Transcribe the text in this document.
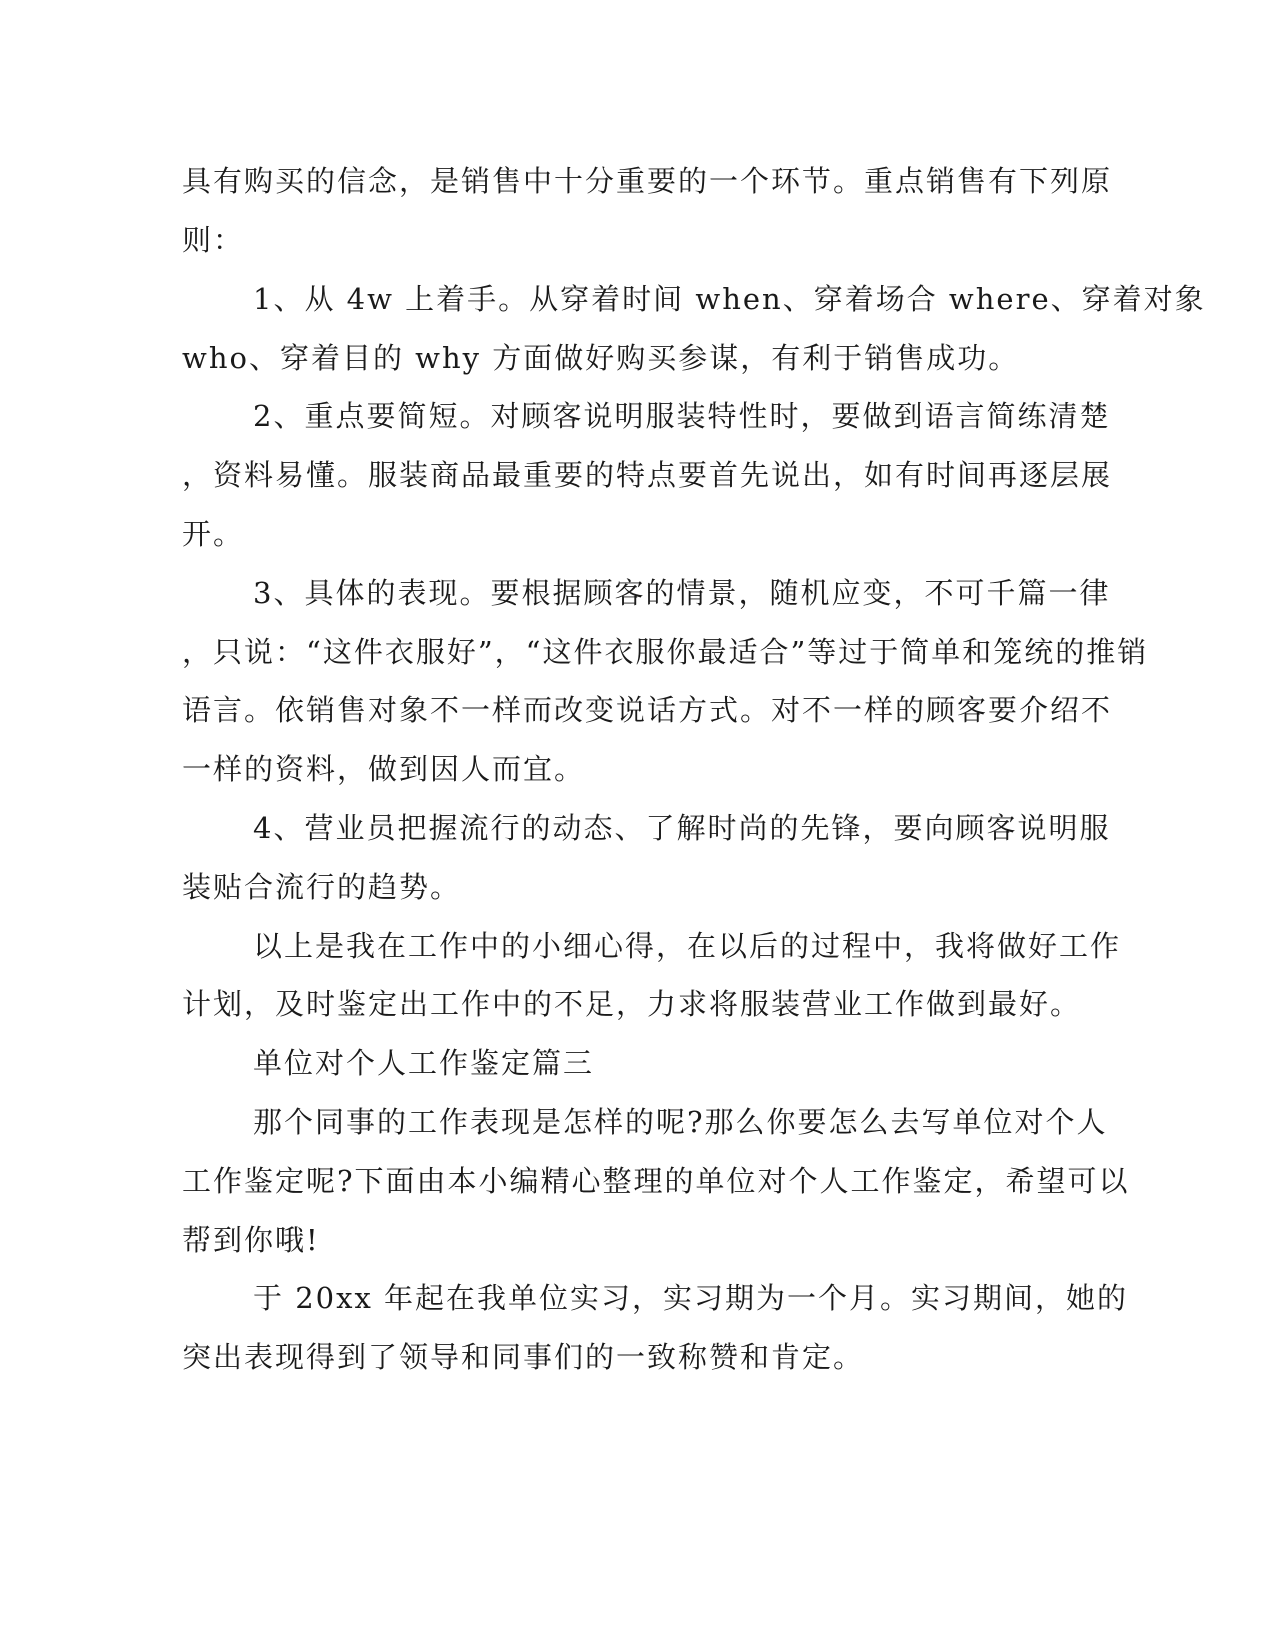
具有购买的信念，是销售中十分重要的一个环节。重点销售有下列原
则：
1、从 4w 上着手。从穿着时间 when、穿着场合 where、穿着对象
who、穿着目的 why 方面做好购买参谋，有利于销售成功。
2、重点要简短。对顾客说明服装特性时，要做到语言简练清楚
，资料易懂。服装商品最重要的特点要首先说出，如有时间再逐层展
开。
3、具体的表现。要根据顾客的情景，随机应变，不可千篇一律
，只说：“这件衣服好”，“这件衣服你最适合”等过于简单和笼统的推销
语言。依销售对象不一样而改变说话方式。对不一样的顾客要介绍不
一样的资料，做到因人而宜。
4、营业员把握流行的动态、了解时尚的先锋，要向顾客说明服
装贴合流行的趋势。
以上是我在工作中的小细心得，在以后的过程中，我将做好工作
计划，及时鉴定出工作中的不足，力求将服装营业工作做到最好。
单位对个人工作鉴定篇三
那个同事的工作表现是怎样的呢?那么你要怎么去写单位对个人
工作鉴定呢?下面由本小编精心整理的单位对个人工作鉴定，希望可以
帮到你哦!
于 20xx 年起在我单位实习，实习期为一个月。实习期间，她的
突出表现得到了领导和同事们的一致称赞和肯定。
